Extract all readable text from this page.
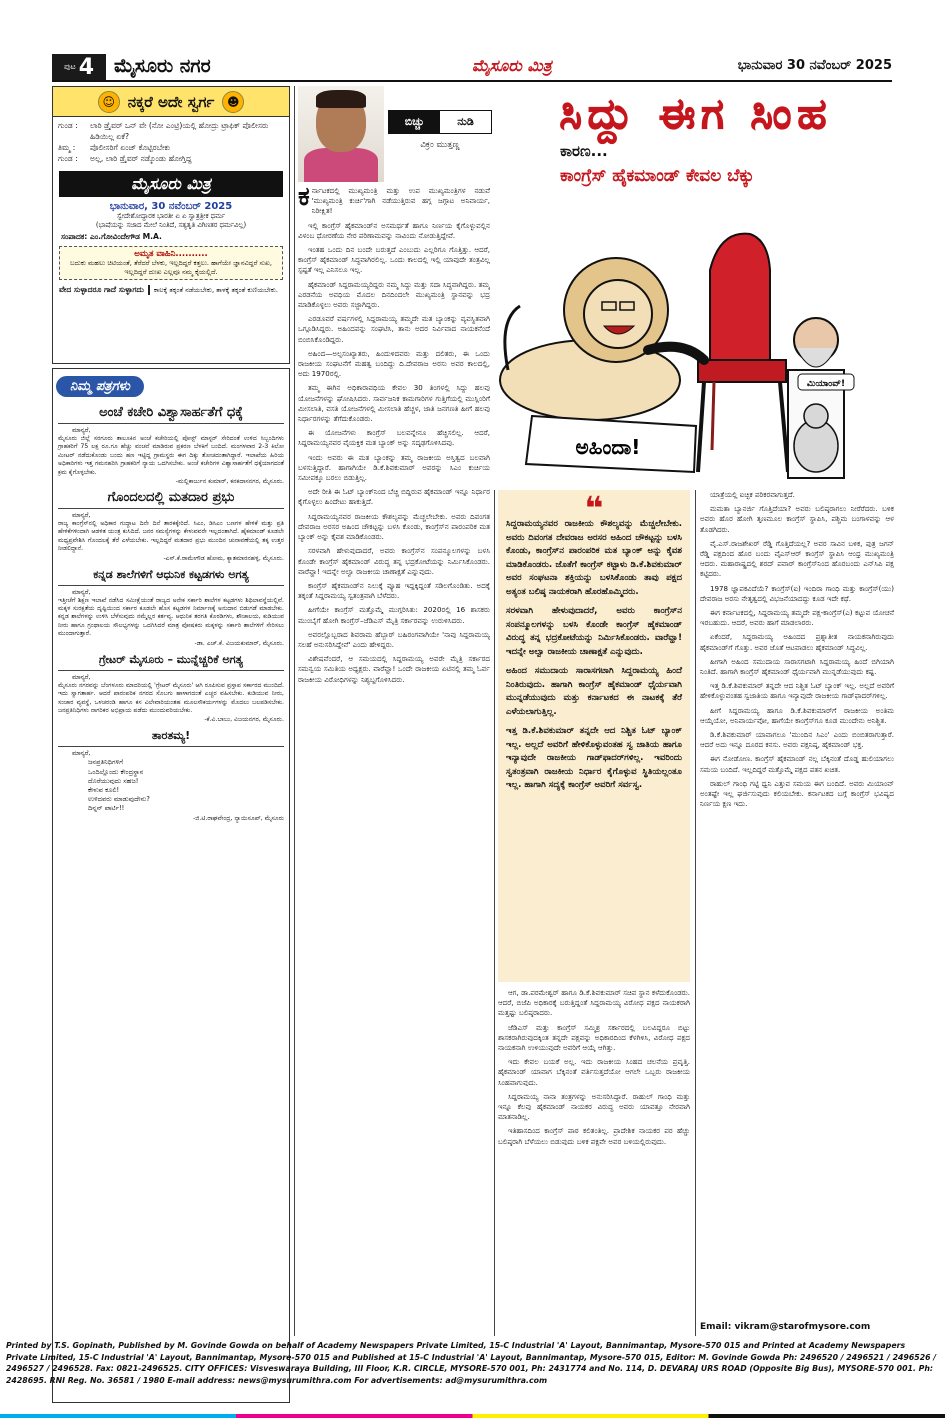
ಪುಟ 4 ಮೈಸೂರು ನಗರ	ಮೈಸೂರು ಮಿತ್ರ	ಭಾನುವಾರ 30 ನವೆಂಬರ್ 2025
☺ ನಕ್ಕರೆ ಅದೇ ಸ್ವರ್ಗ	☻
ಗುಂಡ :	ಲಾರಿ ಡ್ರೈವರ್ ಒನ್ ವೇ (ನೋ ಎಂಟ್ರಿ)ಯಲ್ಲಿ ಹೋದ್ರು ಟ್ರಾಫಿಕ್ ಪೊಲೀಸರು ಹಿಡಿಯಿಲ್ಲ ಏಕೆ?
ತಿಮ್ಮ :	ಪೊಲೀಸರಿಗೆ ಏಂಜ್ ಕೊಟ್ಟಿರಬೇಕು
ಗುಂಡ :	ಅಲ್ಲ, ಲಾರಿ ಡ್ರೈವರ್ ನಡ್ಕೊಂಡು ಹೋಗ್ತಿದ್ದ
ಮೈಸೂರು ಮಿತ್ರ
ಭಾನುವಾರ, 30 ನವೆಂಬರ್ 2025
ಸ್ವೇದೇಶೋದ್ಧಾರಕ ಭಾರತೀ ಏ ಏ ಸ್ವಾತ್ರತ್ರೀಕ ಧರ್ಮ
(ಭಾಷೆಯನ್ನು ಸಜಾದ ಮೇಲೆ ನಿಂತಿದೆ, ಸತ್ಯತೃತಿ ವಿಗಿಣತರ ಧರ್ಮವಿಲ್ಲ)
ಸಂಪಾದಕ: ಎಂ.ಗೋವಿಂದೇಗೌಡ M.A.
ಅಮೃತ ವಾಹಿನಿ..........
ಬದುಕು ಮಹಲು ಚಿಟಿಯಂತೆ, ತೆರೆದರೆ ಬೆಳಕು, ಇಲ್ಲದಿದ್ದರೆ ಕತ್ತಲು. ಹಾಗೆಯೇ ಜ್ಞಾನವಿದ್ದರೆ ಸುಖ, ಇಲ್ಲದಿದ್ದರೆ ದುಃಖ ಎಲ್ಲವೂ ನಮ್ಮ ಕೈಯಲ್ಲಿದೆ.
ವೇದ ಸುಳ್ಳಾದರೂ ಗಾದೆ ಸುಳ್ಳಾಗದು	ಕಾಲಕ್ಕೆ ತಕ್ಕಂತೆ ನಡೆಯಬೇಕು, ತಾಳಕ್ಕೆ ತಕ್ಕಂತೆ ಕುಣಿಯಬೇಕು.
ನಿಮ್ಮ ಪತ್ರಗಳು
ಅಂಚೆ ಕಚೇರಿ ವಿಶ್ವಾಸಾರ್ಹತೆಗೆ ಧಕ್ಕೆ
ಮಾನ್ಯರೆ,
ಮೈಸೂರು ಜಿಲ್ಲೆ ಸರಗೂರು ತಾಲೂಕಿನ ಅಂಚೆ ಕಚೇರಿಯಲ್ಲಿ ಪೋಸ್ಟ್ ಮಾಸ್ಟರ್ ಸೇರಿದಂತೆ ಉಳಿದ ಸಿಬ್ಬಂದಿಗಳು ಗ್ರಾಹಕರಿಗೆ 75 ಲಕ್ಷ ರೂ.ಗೂ ಹೆಚ್ಚು ವಂಚನೆ ಮಾಡಿರುವ ಪ್ರಕರಣ ಬೆಳಕಿಗೆ ಬಂದಿದೆ. ಮಂಗಳವಾರ 2-3 ಕಿಲೋ ಮೀಟರ್ ನಡೆದುಕೊಂಡು ಬಂದು ಹಣ ಇಟ್ಟಿದ್ದ ಗ್ರಾಮಸ್ಥರು ಈಗ ದಿಕ್ಕು ತೋಚದಂತಾಗಿದ್ದಾರೆ. ಇಲಾಖೆಯ ಹಿರಿಯ ಅಧಿಕಾರಿಗಳು ಇತ್ತ ಗಮನಹರಿಸಿ ಗ್ರಾಹಕರಿಗೆ ನ್ಯಾಯ ಒದಗಿಸಬೇಕು. ಅಂಚೆ ಕಚೇರಿಗಳ ವಿಶ್ವಾಸಾರ್ಹತೆಗೆ ಧಕ್ಕೆಯಾಗದಂತೆ ಕ್ರಮ ಕೈಗೊಳ್ಳಬೇಕು.
-ಮಲ್ಲಿಕಾರ್ಜುನ ಕುಮಾರ್, ಕನಕದಾಸನಗರ, ಮೈಸೂರು.
ಗೊಂದಲದಲ್ಲಿ ಮತದಾರ ಪ್ರಭು
ಮಾನ್ಯರೆ,
ರಾಜ್ಯ ಕಾಂಗ್ರೆಸ್‌ನಲ್ಲಿ ಅಧಿಕಾರ ಗುದ್ದಾಟ ದಿನೇ ದಿನೆ ತಾರಕಕ್ಕೇರಿದೆ. ಸಿಎಂ, ಡಿಸಿಎಂ ಬಣಗಳ ಹೇಳಿಕೆ ಮತ್ತು ಪ್ರತಿ ಹೇಳಿಕೆಗಳಿಂದಾಗಿ ಆಡಳಿತ ಯಂತ್ರ ಕುಸಿದಿದೆ. ಜನರ ಸಮಸ್ಯೆಗಳನ್ನು ಕೇಳುವವರೇ ಇಲ್ಲದಂತಾಗಿದೆ. ಹೈಕಮಾಂಡ್ ಕೂಡಲೇ ಮಧ್ಯಪ್ರವೇಶಿಸಿ ಗೊಂದಲಕ್ಕೆ ತೆರೆ ಎಳೆಯಬೇಕು. ಇಲ್ಲದಿದ್ದರೆ ಮತದಾರ ಪ್ರಭು ಮುಂದಿನ ಚುನಾವಣೆಯಲ್ಲಿ ತಕ್ಕ ಉತ್ತರ ನೀಡಲಿದ್ದಾನೆ.
-ಎಸ್.ಕೆ.ರಾಮೇಗೌಡ ಹೋಮ, ಕ್ಯಾತಮಾರನಹಳ್ಳಿ, ಮೈಸೂರು.
ಕನ್ನಡ ಶಾಲೆಗಳಿಗೆ ಆಧುನಿಕ ಕಟ್ಟಡಗಳು ಅಗತ್ಯ
ಮಾನ್ಯರೆ,
ಇತ್ತೀಚೆಗೆ ಶಿಕ್ಷಣ ಇಲಾಖೆ ನಡೆಸಿದ ಸಮೀಕ್ಷೆಯಂತೆ ರಾಜ್ಯದ ಅನೇಕ ಸರ್ಕಾರಿ ಶಾಲೆಗಳ ಕಟ್ಟಡಗಳು ಶಿಥಿಲಾವಸ್ಥೆಯಲ್ಲಿವೆ. ಮಕ್ಕಳ ಸುರಕ್ಷತೆಯ ದೃಷ್ಟಿಯಿಂದ ಸರ್ಕಾರ ಕೂಡಲೇ ಹೊಸ ಕಟ್ಟಡಗಳ ನಿರ್ಮಾಣಕ್ಕೆ ಅನುದಾನ ಬಿಡುಗಡೆ ಮಾಡಬೇಕು. ಕನ್ನಡ ಶಾಲೆಗಳನ್ನು ಉಳಿಸಿ ಬೆಳೆಸುವುದು ನಮ್ಮೆಲ್ಲರ ಕರ್ತವ್ಯ. ಆಧುನಿಕ ತರಗತಿ ಕೊಠಡಿಗಳು, ಶೌಚಾಲಯ, ಕುಡಿಯುವ ನೀರು ಹಾಗೂ ಗ್ರಂಥಾಲಯ ಸೌಲಭ್ಯಗಳನ್ನು ಒದಗಿಸಿದರೆ ಮಾತ್ರ ಪೋಷಕರು ಮಕ್ಕಳನ್ನು ಸರ್ಕಾರಿ ಶಾಲೆಗಳಿಗೆ ಸೇರಿಸಲು ಮುಂದಾಗುತ್ತಾರೆ.
-ಡಾ. ಎಚ್.ಕೆ. ವಿಜಯಕುಮಾರ್, ಮೈಸೂರು.
ಗ್ರೇಟರ್ ಮೈಸೂರು – ಮುನ್ನೆಚ್ಚರಿಕೆ ಅಗತ್ಯ
ಮಾನ್ಯರೆ,
ಮೈಸೂರು ನಗರವನ್ನು ಬೆಂಗಳೂರು ಮಾದರಿಯಲ್ಲಿ 'ಗ್ರೇಟರ್ ಮೈಸೂರು' ಆಗಿ ರೂಪಿಸುವ ಪ್ರಸ್ತಾಪ ಸರ್ಕಾರದ ಮುಂದಿದೆ. ಇದು ಸ್ವಾಗತಾರ್ಹ. ಆದರೆ ಪಾರಂಪರಿಕ ನಗರದ ಸೊಬಗು ಹಾಳಾಗದಂತೆ ಎಚ್ಚರ ವಹಿಸಬೇಕು. ಕುಡಿಯುವ ನೀರು, ಸಂಚಾರ ವ್ಯವಸ್ಥೆ, ಒಳಚರಂಡಿ ಹಾಗೂ ಕಸ ವಿಲೇವಾರಿಯಂತಹ ಮೂಲಸೌಕರ್ಯಗಳನ್ನು ಮೊದಲು ಬಲಪಡಿಸಬೇಕು. ಜನಪ್ರತಿನಿಧಿಗಳು ನಾಗರಿಕರ ಅಭಿಪ್ರಾಯ ಪಡೆದು ಮುಂದುವರಿಯಬೇಕು.
-ಕೆ.ವಿ.ಬಾಬು, ವಿಜಯನಗರ, ಮೈಸೂರು.
ತಾರತಮ್ಯ!
ಮಾನ್ಯರೆ,
ಜನಪ್ರತಿನಿಧಿಗಳಿಗೆ
ಒಂದಿಲ್ಲೊಂದು ಕೇಂದ್ರಸ್ಥಾನ
ದೊರೆಯುವುದು ಸಹಜ!
ಕೇಳುವ ಕೂಲಿ!
ಉಳಿದವರು ಮಾಡುವುದೇನು?
ದಿನ್ನನ್ ಪಾರ್ಟಿ!!
-ಜಿ.ಟಿ.ರಾಘವೇಂದ್ರ, ನ್ಯಾಯಿಸೂಪ್, ಮೈಸೂರು
ಬಿಚ್ಚು	ನುಡಿ
ವಿಕ್ರಂ ಮುತ್ತಣ್ಣ
ಸಿದ್ದು ಈಗ ಸಿಂಹ
ಕಾರಣ...
ಕಾಂಗ್ರೆಸ್ ಹೈಕಮಾಂಡ್ ಕೇವಲ ಬೆಕ್ಕು
ಅಹಿಂದಾ!
ಮಿಯಾಂವ್!
ಕ ರ್ನಾಟಕದಲ್ಲಿ ಮುಖ್ಯಮಂತ್ರಿ ಮತ್ತು ಉಪ ಮುಖ್ಯಮಂತ್ರಿಗಳ ನಡುವೆ 'ಮುಖ್ಯಮಂತ್ರಿ ಕುರ್ಚಿ'ಗಾಗಿ ನಡೆಯುತ್ತಿರುವ ಹಗ್ಗ ಜಗ್ಗಾಟ ಅನಿವಾರ್ಯ, ನಿರೀಕ್ಷಿತ!

ಇಲ್ಲಿ ಕಾಂಗ್ರೆಸ್ ಹೈಕಮಾಂಡ್‌ನ ಅಸಮರ್ಥತೆ ಹಾಗೂ ನಿರ್ಣಯ ಕೈಗೊಳ್ಳುವಲ್ಲಿನ ವಿಳಂಬ ಧೋರಣೆಯ ನೇರ ಪರಿಣಾಮವನ್ನು ನಾವಿಂದು ನೋಡುತ್ತಿದ್ದೇವೆ.

ಇಂತಹ ಒಂದು ದಿನ ಬಂದೇ ಬರುತ್ತದೆ ಎಂಬುದು ಎಲ್ಲರಿಗೂ ಗೊತ್ತಿತ್ತು. ಆದರೆ, ಕಾಂಗ್ರೆಸ್ ಹೈಕಮಾಂಡ್ ಸಿದ್ಧವಾಗಿರಲಿಲ್ಲ. ಒಂದು ಕಾಲದಲ್ಲಿ ಇಲ್ಲಿ ಯಾವುದೇ ತಂತ್ರವಿಲ್ಲ ಸ್ಪಷ್ಟತೆ ಇಲ್ಲ ಎನಿಸಲೂ ಇಲ್ಲ.

ಹೈಕಮಾಂಡ್ ಸಿದ್ದರಾಮಯ್ಯರಿದ್ದರು ನಮ್ಮ ಸಿದ್ದು ಮತ್ತು ಸದಾ ಸಿದ್ಧವಾಗಿದ್ದರು. ತಮ್ಮ ಎರಡನೆಯ ಅವಧಿಯ ಮೊದಲ ದಿನದಿಂದಲೇ ಮುಖ್ಯಮಂತ್ರಿ ಸ್ಥಾನವನ್ನು ಭದ್ರ ಮಾಡಿಕೊಳ್ಳಲು ಅವರು ಸಜ್ಜಾಗಿದ್ದರು.

ಎರಡೂವರೆ ವರ್ಷಗಳಲ್ಲಿ ಸಿದ್ದರಾಮಯ್ಯ ತಮ್ಮದೇ ಮತ ಬ್ಯಾಂಕನ್ನು ವ್ಯವಸ್ಥಿತವಾಗಿ ಒಗ್ಗೂಡಿಸಿದ್ದರು. ಅಹಿಂದವನ್ನು ಸಂಘಟಿಸಿ, ತಾನು ಅದರ ನಿರ್ವಿವಾದ ನಾಯಕನೆಂದೆ ಬಿಂಬಿಸಿಕೊಂಡಿದ್ದರು.

ಅಹಿಂದ—ಅಲ್ಪಸಂಖ್ಯಾತರು, ಹಿಂದುಳಿದವರು ಮತ್ತು ದಲಿತರು, ಈ ಒಂದು ರಾಜಕೀಯ ಸಂಘಟನೆಗೆ ಮಹತ್ವ ಬಂದಿದ್ದು ದಿ.ದೇವರಾಜ ಅರಸು ಅವರ ಕಾಲದಲ್ಲಿ, ಅದು 1970ರಲ್ಲಿ.

ತಮ್ಮ ಈಗಿನ ಅಧಿಕಾರಾವಧಿಯ ಕೇವಲ 30 ತಿಂಗಳಲ್ಲಿ ಸಿದ್ದು ಹಲವು ಯೋಜನೆಗಳನ್ನು ಘೋಷಿಸಿದರು. ಸಾರ್ವಜನಿಕ ಕಾಮಗಾರಿಗಳ ಗುತ್ತಿಗೆಯಲ್ಲಿ ಮುಸ್ಲಿಂರಿಗೆ ಮೀಸಲಾತಿ, ವಸತಿ ಯೋಜನೆಗಳಲ್ಲಿ ಮೀಸಲಾತಿ ಹೆಚ್ಚಳ, ಜಾತಿ ಜನಗಣತಿ ಹೀಗೆ ಹಲವು ನಿರ್ಧಾರಗಳನ್ನು ತೆಗೆದುಕೊಂಡರು.

ಈ ಯೋಜನೆಗಳು ಕಾಂಗ್ರೆಸ್ ಬಲವನ್ನೇನೂ ಹೆಚ್ಚಿಸಲಿಲ್ಲ. ಆದರೆ, ಸಿದ್ದರಾಮಯ್ಯನವರ ವೈಯಕ್ತಿಕ ಮತ ಬ್ಯಾಂಕ್ ಅನ್ನು ಸದೃಢಗೊಳಿಸಿದವು.

ಇಂದು ಅವರು ಈ ಮತ ಬ್ಯಾಂಕನ್ನು ತಮ್ಮ ರಾಜಕೀಯ ಅಸ್ತಿತ್ವದ ಬಲವಾಗಿ ಬಳಸುತ್ತಿದ್ದಾರೆ. ಹಾಗಾಗಿಯೇ ಡಿ.ಕೆ.ಶಿವಕುಮಾರ್ ಅವರನ್ನು ಸಿಎಂ ಕುರ್ಚಿಯ ಸಮೀಪಕ್ಕೂ ಬರಲು ಬಿಡುತ್ತಿಲ್ಲ.

ಅದೇ ರೀತಿ ಈ ಓಟ್ ಬ್ಯಾಂಕ್‌ನಿಂದ ಬೆಚ್ಚಿ ಬಿದ್ದಿರುವ ಹೈಕಮಾಂಡ್ ಇನ್ನೂ ನಿರ್ಧಾರ ಕೈಗೊಳ್ಳಲು ಹಿಂದೇಟು ಹಾಕುತ್ತಿದೆ.

ಸಿದ್ದರಾಮಯ್ಯನವರ ರಾಜಕೀಯ ಕೌಶಲ್ಯವನ್ನು ಮೆಚ್ಚಲೇಬೇಕು. ಅವರು ದಿವಂಗತ ದೇವರಾಜ ಅರಸರ ಅಹಿಂದ ಚೌಕಟ್ಟನ್ನು ಬಳಸಿ ಕೊಂಡು, ಕಾಂಗ್ರೆಸ್‌ನ ಪಾರಂಪರಿಕ ಮತ ಬ್ಯಾಂಕ್ ಅನ್ನು ಕೈವಶ ಮಾಡಿಕೊಂಡರು.

ಸರಳವಾಗಿ ಹೇಳುವುದಾದರೆ, ಅವರು ಕಾಂಗ್ರೆಸ್‌ನ ಸಂಪನ್ಮೂಲಗಳನ್ನು ಬಳಸಿ ಕೊಂಡೇ ಕಾಂಗ್ರೆಸ್ ಹೈಕಮಾಂಡ್ ವಿರುದ್ಧ ತನ್ನ ಭದ್ರಕೋಟೆಯನ್ನು ನಿರ್ಮಿಸಿಕೊಂಡರು. ವಾರೆವ್ಹಾ! ಇದನ್ನೇ ಅಲ್ವಾ ರಾಜಕೀಯ ಚಾಣಾಕ್ಷತೆ ಎನ್ನುವುದು.

ಕಾಂಗ್ರೆಸ್ ಹೈಕಮಾಂಡ್‌ನ ನಿಲುಕ್ಕೆ ವ್ಯೂಹ ಇದ್ದಕ್ಕಿದ್ದಂತೆ ಸಡಿಲಗೊಂಡಿತು. ಅದಕ್ಕೆ ತಕ್ಕಂತೆ ಸಿದ್ದರಾಮಯ್ಯ ಸ್ವತಂತ್ರವಾಗಿ ಬೆಳೆದರು.

ಹೀಗೆಯೇ ಕಾಂಗ್ರೆಸ್ ಮತ್ತೊಮ್ಮೆ ಮುಗ್ಗರಿಸಿತು: 2020ರಲ್ಲಿ 16 ಶಾಸಕರು ಮುಂಬೈಗೆ ಹೋಗಿ ಕಾಂಗ್ರೆಸ್–ಜೆಡಿಎಸ್ ಮೈತ್ರಿ ಸರ್ಕಾರವನ್ನು ಉರುಳಿಸಿದರು.

ಅವರಲ್ಲೊಬ್ಬರಾದ ಶಿವರಾಮ ಹೆಬ್ಬಾರ್ ಬಹಿರಂಗವಾಗಿಯೇ 'ನಾವು ಸಿದ್ದರಾಮಯ್ಯ ಸಲಹೆ ಅನುಸರಿಸಿದ್ದೇವೆ' ಎಂದು ಹೇಳಿದ್ದರು.

ವಿಶೇಷವೆಂದರೆ, ಆ ಸಮಯದಲ್ಲಿ ಸಿದ್ದರಾಮಯ್ಯ ಅವರೇ ಮೈತ್ರಿ ಸರ್ಕಾರದ ಸಮನ್ವಯ ಸಮಿತಿಯ ಅಧ್ಯಕ್ಷರು. ವಾರೆವ್ಹಾ! ಒಂದೇ ರಾಜಕೀಯ ಏಟಿನಲ್ಲಿ ತಮ್ಮ ಓರ್ವ ರಾಜಕೀಯ ವಿರೋಧಿಗಳನ್ನು ನಿಶ್ಯಬ್ದಗೊಳಿಸಿದರು.

❝

ಸಿದ್ದರಾಮಯ್ಯನವರ ರಾಜಕೀಯ ಕೌಶಲ್ಯವನ್ನು ಮೆಚ್ಚಲೇಬೇಕು. ಅವರು ದಿವಂಗತ ದೇವರಾಜ ಅರಸರ ಅಹಿಂದ ಚೌಕಟ್ಟನ್ನು ಬಳಸಿ ಕೊಂಡು, ಕಾಂಗ್ರೆಸ್‌ನ ಪಾರಂಪರಿಕ ಮತ ಬ್ಯಾಂಕ್ ಅನ್ನು ಕೈವಶ ಮಾಡಿಕೊಂಡರು. ಜೊತೆಗೆ ಕಾಂಗ್ರೆಸ್ ಕಟ್ಟಾಳು ಡಿ.ಕೆ.ಶಿವಕುಮಾರ್ ಅವರ ಸಂಘಟನಾ ಶಕ್ತಿಯನ್ನು ಬಳಸಿಕೊಂಡು ತಾವು ಪಕ್ಷದ ಅತ್ಯಂತ ಬಲಿಷ್ಠ ನಾಯಕರಾಗಿ ಹೊರಹೊಮ್ಮಿದರು.

ಸರಳವಾಗಿ ಹೇಳುವುದಾದರೆ, ಅವರು ಕಾಂಗ್ರೆಸ್‌ನ ಸಂಪನ್ಮೂಲಗಳನ್ನು ಬಳಸಿ ಕೊಂಡೇ ಕಾಂಗ್ರೆಸ್ ಹೈಕಮಾಂಡ್ ವಿರುದ್ಧ ತನ್ನ ಭದ್ರಕೋಟೆಯನ್ನು ನಿರ್ಮಿಸಿಕೊಂಡರು. ವಾರೆವ್ಹಾ! ಇದನ್ನೇ ಅಲ್ವಾ ರಾಜಕೀಯ ಚಾಣಾಕ್ಷತೆ ಎನ್ನುವುದು.

ಅಹಿಂದ ಸಮುದಾಯ ಸಾರಾಸಗಟಾಗಿ ಸಿದ್ದರಾಮಯ್ಯ ಹಿಂದೆ ನಿಂತಿರುವುದು. ಹಾಗಾಗಿ ಕಾಂಗ್ರೆಸ್ ಹೈಕಮಾಂಡ್ ಧೈರ್ಯವಾಗಿ ಮುನ್ನಡೆಯುವುದು ಮತ್ತು ಕರ್ನಾಟಕದ ಈ ನಾಟಕಕ್ಕೆ ತೆರೆ ಎಳೆಯಲಾಗುತ್ತಿಲ್ಲ.

ಇತ್ತ ಡಿ.ಕೆ.ಶಿವಕುಮಾರ್ ತನ್ನದೇ ಆದ ನಿಶ್ಚಿತ ಓಟ್ ಬ್ಯಾಂಕ್ ಇಲ್ಲ. ಅಲ್ಲದೆ ಅವರಿಗೆ ಹೇಳಿಕೊಳ್ಳುವಂತಹ ಸ್ವ ಜಾತಿಯ ಹಾಗೂ ಇನ್ಯಾವುದೇ ರಾಜಕೀಯ ಗಾಡ್‌ಫಾದರ್‌ಗಳಿಲ್ಲ. ಇವರಿಂದು ಸ್ವತಂತ್ರವಾಗಿ ರಾಜಕೀಯ ನಿರ್ಧಾರ ಕೈಗೊಳ್ಳುವ ಸ್ಥಿತಿಯಲ್ಲಂತೂ ಇಲ್ಲ. ಹಾಗಾಗಿ ಸದ್ಯಕ್ಕೆ ಕಾಂಗ್ರೆಸ್ ಅವರಿಗೆ ಸರ್ವಸ್ವ.

ಆಗ, ಡಾ.ಪರಮೇಶ್ವರ್ ಹಾಗೂ ಡಿ.ಕೆ.ಶಿವಕುಮಾರ್ ಸಚಿವ ಸ್ಥಾನ ಕಳೆದುಕೊಂಡರು. ಆದರೆ, ಬಿಜೆಪಿ ಅಧಿಕಾರಕ್ಕೆ ಬರುತ್ತಿದ್ದಂತೆ ಸಿದ್ದರಾಮಯ್ಯ ವಿರೋಧ ಪಕ್ಷದ ನಾಯಕರಾಗಿ ಮತ್ತಷ್ಟು ಬಲಿಷ್ಠರಾದರು.

ಜೆಡಿಎಸ್ ಮತ್ತು ಕಾಂಗ್ರೆಸ್ ಸಮ್ಮಿಶ್ರ ಸರ್ಕಾರದಲ್ಲಿ ಬಲವಿದ್ದರೂ ಬಿಟ್ಟು ಶಾಸಕರಾಗಿರುವುದಕ್ಕಿಂತ ತನ್ನದೇ ಪಕ್ಷವನ್ನು ಅಧಿಕಾರದಿಂದ ಕೆಳಗಿಳಿಸಿ, ವಿರೋಧ ಪಕ್ಷದ ನಾಯಕನಾಗಿ ಉಳಿಯುವುದೇ ಅವರಿಗೆ ಆಯ್ಕೆ ಆಗಿತ್ತು.

ಇದು ಕೇವಲ ಬಯಕೆ ಅಲ್ಲ. ಇದು ರಾಜಕೀಯ ಸಿಂಹದ ಚಲನೆಯ ಪ್ರವೃತ್ತಿ. ಹೈಕಮಾಂಡ್ ಯಾವಾಗ ಬೆಕ್ಕಿನಂತೆ ವರ್ತಿಸುತ್ತದೆಯೋ ಆಗಲೇ ಒಬ್ಬರು ರಾಜಕೀಯ ಸಿಂಹವಾಗುವುದು.

ಸಿದ್ದರಾಮಯ್ಯ ನಾನಾ ತಂತ್ರಗಳನ್ನು ಅನುಸರಿಸಿದ್ದಾರೆ. ರಾಹುಲ್ ಗಾಂಧಿ ಮತ್ತು ಇನ್ನೂ ಕೆಲವು ಹೈಕಮಾಂಡ್ ನಾಯಕರ ವಿರುದ್ಧ ಅವರು ಯಾವತ್ತೂ ನೇರವಾಗಿ ಮಾತನಾಡಿಲ್ಲ.

ಇತಿಹಾಸದಿಂದ ಕಾಂಗ್ರೆಸ್ ಪಾಠ ಕಲಿತಂತಿಲ್ಲ. ಪ್ರಾದೇಶಿಕ ನಾಯಕರ ಪರ ಹೆಚ್ಚು ಬಲಿಷ್ಠರಾಗಿ ಬೆಳೆಯಲು ಬಿಡುವುದು ಬಳಿಕ ಪಕ್ಷವೇ ಅವರ ಬಳಿಯಲ್ಲಿರುವುದು.

ಯಾತ್ರೆಯಲ್ಲಿ ಐಚ್ಛಿಕ ಪರಿಕರವಾಗುತ್ತದೆ.

ಮಮತಾ ಬ್ಯಾನರ್ಜಿ ಗೊತ್ತಿದೆಯಾ? ಅವರು ಬಲಿಷ್ಠರಾಗಲು ನೀರೆರೆದರು. ಬಳಿಕ ಅವರು ಹೊರ ಹೋಗಿ ತೃಣಮೂಲ ಕಾಂಗ್ರೆಸ್ ಸ್ಥಾಪಿಸಿ, ಪಶ್ಚಿಮ ಬಂಗಾಳವನ್ನು ಆಳ ತೊಡಗಿದರು.

ವೈ.ಎಸ್.ರಾಜಶೇಖರ್ ರೆಡ್ಡಿ ಗೊತ್ತಿದೆಯಲ್ಲ? ಅವರ ಸಾವಿನ ಬಳಿಕ, ಪುತ್ರ ಜಗನ್ ರೆಡ್ಡಿ ಪಕ್ಷದಿಂದ ಹೊರ ಬಂದು ವೈಎಸ್ಆರ್ ಕಾಂಗ್ರೆಸ್ ಸ್ಥಾಪಿಸಿ ಆಂಧ್ರ ಮುಖ್ಯಮಂತ್ರಿ ಆದರು. ಮಹಾರಾಷ್ಟ್ರದಲ್ಲಿ ಶರದ್ ಪವಾರ್ ಕಾಂಗ್ರೆಸ್‌ನಿಂದ ಹೊರಬಂದು ಎನ್‌ಸಿಪಿ ಪಕ್ಷ ಕಟ್ಟಿದರು.

1978 ಜ್ಞಾಪಕವಿದೆಯೆ? ಕಾಂಗ್ರೆಸ್(ಐ) ಇಂದಿರಾ ಗಾಂಧಿ ಮತ್ತು ಕಾಂಗ್ರೆಸ್(ಯು) ದೇವರಾಜ ಅರಸು ನೇತೃತ್ವದಲ್ಲಿ ವಿಭಜನೆಯಾದದ್ದು ಕೂಡ ಇದೇ ಕಥೆ.

ಈಗ ಕರ್ನಾಟಕದಲ್ಲಿ, ಸಿದ್ದರಾಮಯ್ಯ ತಮ್ಮದೇ ಪಕ್ಷ-ಕಾಂಗ್ರೆಸ್(ಎ) ಕಟ್ಟುವ ಯೋಚನೆ ಇರಬಹುದು. ಆದರೆ, ಅವರು ಹಾಗೆ ಮಾಡಲಾರರು.

ಏಕೆಂದರೆ, ಸಿದ್ದರಾಮಯ್ಯ ಅಹಿಂದದ ಪ್ರಶ್ನಾತೀತ ನಾಯಕನಾಗಿರುವುದು ಹೈಕಮಾಂಡ್‌ಗೆ ಗೊತ್ತು. ಅವರ ಜೊತೆ ಆಟವಾಡಲು ಹೈಕಮಾಂಡ್ ಸಿದ್ಧವಿಲ್ಲ.

ಹೀಗಾಗಿ ಅಹಿಂದ ಸಮುದಾಯ ಸಾರಾಸಗಟಾಗಿ ಸಿದ್ದರಾಮಯ್ಯ ಹಿಂದೆ ಬಿಗಿಯಾಗಿ ನಿಂತಿದೆ. ಹಾಗಾಗಿ ಕಾಂಗ್ರೆಸ್ ಹೈಕಮಾಂಡ್ ಧೈರ್ಯವಾಗಿ ಮುನ್ನಡೆಯುವುದು ಕಷ್ಟ.

ಇತ್ತ ಡಿ.ಕೆ.ಶಿವಕುಮಾರ್ ತನ್ನದೇ ಆದ ನಿಶ್ಚಿತ ಓಟ್ ಬ್ಯಾಂಕ್ ಇಲ್ಲ. ಅಲ್ಲದೆ ಅವರಿಗೆ ಹೇಳಿಕೊಳ್ಳುವಂತಹ ಸ್ವಜಾತಿಯ ಹಾಗೂ ಇನ್ಯಾವುದೇ ರಾಜಕೀಯ ಗಾಡ್‌ಫಾದರ್‌ಗಳಿಲ್ಲ.

ಹೀಗೆ ಸಿದ್ದರಾಮಯ್ಯ ಹಾಗೂ ಡಿ.ಕೆ.ಶಿವಕುಮಾರ್‌ಗೆ ರಾಜಕೀಯ ಅಂತಿಮ ಆಯ್ಕೆಯೋ, ಅನಿವಾರ್ಯವೋ, ಹಾಗೆಯೇ ಕಾಂಗ್ರೆಸ್‌ಗೂ ಕೂಡ ಮುಂದೇನು ಅನಿಶ್ಚಿತ.

ಡಿ.ಕೆ.ಶಿವಕುಮಾರ್ ಯಾವಾಗಲೂ 'ಮುಂದಿನ ಸಿಎಂ' ಎಂದು ಬಿಂಬಿತರಾಗುತ್ತಾರೆ. ಆದರೆ ಅದು ಇನ್ನೂ ದೂರದ ಕನಸು. ಅವರು ಪಕ್ಷನಿಷ್ಠ, ಹೈಕಮಾಂಡ್ ಭಕ್ತ.

ಈಗ ನೋಡೋಣ. ಕಾಂಗ್ರೆಸ್ ಹೈಕಮಾಂಡ್ ನಲ್ಲ ಬೆಕ್ಕಿನಂತೆ ದೊಡ್ಡ ಹುಲಿಯಾಗಲು ಸಮಯ ಬಂದಿದೆ. ಇಲ್ಲದಿದ್ದರೆ ಮತ್ತೊಮ್ಮೆ ಪಕ್ಷದ ಪತನ ಖಚಿತ.

ರಾಹುಲ್ ಗಾಂಧಿ ಗಟ್ಟಿ ಧ್ವನಿ ಎತ್ತುವ ಸಮಯ ಈಗ ಬಂದಿದೆ. ಅವರು ಮಿಯಾಂವ್ ಅಂತಷ್ಟೇ ಇಲ್ಲ ಘರ್ಜಿಸುವುದು ಕಲಿಯಬೇಕು. ಕರ್ನಾಟಕದ ಬಗ್ಗೆ ಕಾಂಗ್ರೆಸ್ ಭವಿಷ್ಯದ ನಿರ್ಣಯ ಕ್ಷಣ ಇದು.

Email: vikram@starofmysore.com
Printed by T.S. Gopinath, Published by M. Govinde Gowda on behalf of Academy Newspapers Private Limited, 15-C Industrial 'A' Layout, Bannimantap, Mysore-570 015 and Printed at Academy Newspapers Private Limited, 15-C Industrial 'A' Layout, Bannimantap, Mysore-570 015 and Published at 15-C Industrial 'A' Layout, Bannimantap, Mysore-570 015, Editor: M. Govinde Gowda Ph: 2496520 / 2496521 / 2496526 / 2496527 / 2496528. Fax: 0821-2496525. CITY OFFICES: Visveswaraya Building, III Floor, K.R. CIRCLE, MYSORE-570 001, Ph: 2431774 and No. 114, D. DEVARAJ URS ROAD (Opposite Big Bus), MYSORE-570 001. Ph: 2428695. RNI Reg. No. 36581 / 1980 E-mail address: news@mysurumithra.com For advertisements: ad@mysurumithra.com
